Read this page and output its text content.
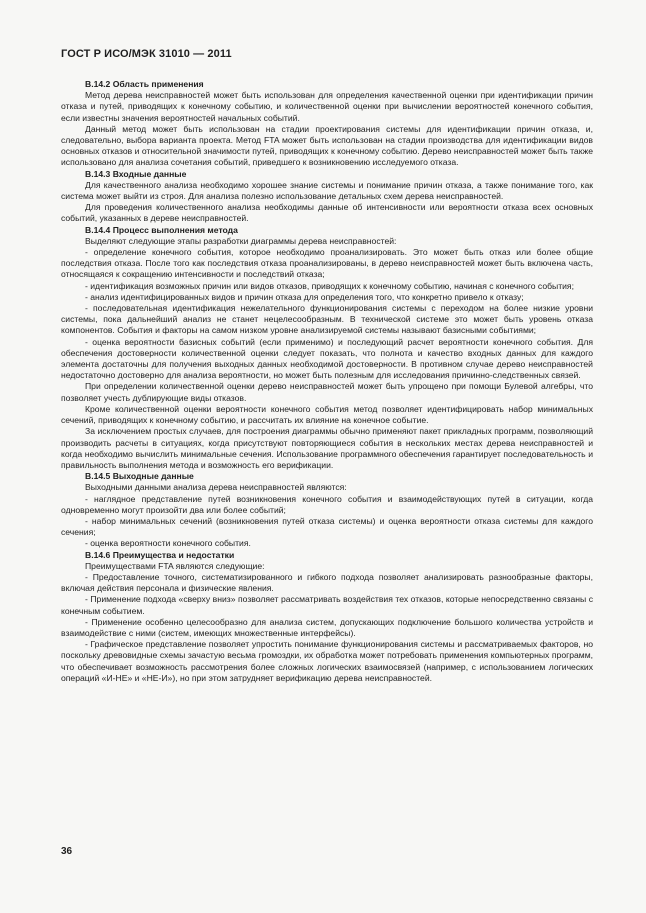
ГОСТ Р ИСО/МЭК 31010 — 2011

В.14.2 Область применения

Метод дерева неисправностей может быть использован для определения качественной оценки при идентификации причин отказа и путей, приводящих к конечному событию, и количественной оценки при вычислении вероятностей конечного события, если известны значения вероятностей начальных событий.

Данный метод может быть использован на стадии проектирования системы для идентификации причин отказа, и, следовательно, выбора варианта проекта. Метод FTA может быть использован на стадии производства для идентификации видов основных отказов и относительной значимости путей, приводящих к конечному событию. Дерево неисправностей может быть также использовано для анализа сочетания событий, приведшего к возникновению исследуемого отказа.

В.14.3 Входные данные

Для качественного анализа необходимо хорошее знание системы и понимание причин отказа, а также понимание того, как система может выйти из строя. Для анализа полезно использование детальных схем дерева неисправностей.

Для проведения количественного анализа необходимы данные об интенсивности или вероятности отказа всех основных событий, указанных в дереве неисправностей.

В.14.4 Процесс выполнения метода

Выделяют следующие этапы разработки диаграммы дерева неисправностей:

- определение конечного события, которое необходимо проанализировать. Это может быть отказ или более общие последствия отказа. После того как последствия отказа проанализированы, в дерево неисправностей может быть включена часть, относящаяся к сокращению интенсивности и последствий отказа;

- идентификация возможных причин или видов отказов, приводящих к конечному событию, начиная с конечного события;

- анализ идентифицированных видов и причин отказа для определения того, что конкретно привело к отказу;

- последовательная идентификация нежелательного функционирования системы с переходом на более низкие уровни системы, пока дальнейший анализ не станет нецелесообразным. В технической системе это может быть уровень отказа компонентов. События и факторы на самом низком уровне анализируемой системы называют базисными событиями;

- оценка вероятности базисных событий (если применимо) и последующий расчет вероятности конечного события. Для обеспечения достоверности количественной оценки следует показать, что полнота и качество входных данных для каждого элемента достаточны для получения выходных данных необходимой достоверности. В противном случае дерево неисправностей недостаточно достоверно для анализа вероятности, но может быть полезным для исследования причинно-следственных связей.

При определении количественной оценки дерево неисправностей может быть упрощено при помощи Булевой алгебры, что позволяет учесть дублирующие виды отказов.

Кроме количественной оценки вероятности конечного события метод позволяет идентифицировать набор минимальных сечений, приводящих к конечному событию, и рассчитать их влияние на конечное событие.

За исключением простых случаев, для построения диаграммы обычно применяют пакет прикладных программ, позволяющий производить расчеты в ситуациях, когда присутствуют повторяющиеся события в нескольких местах дерева неисправностей и когда необходимо вычислить минимальные сечения. Использование программного обеспечения гарантирует последовательность и правильность выполнения метода и возможность его верификации.

В.14.5 Выходные данные

Выходными данными анализа дерева неисправностей являются:

- наглядное представление путей возникновения конечного события и взаимодействующих путей в ситуации, когда одновременно могут произойти два или более событий;

- набор минимальных сечений (возникновения путей отказа системы) и оценка вероятности отказа системы для каждого сечения;

- оценка вероятности конечного события.

В.14.6 Преимущества и недостатки

Преимуществами FTA являются следующие:

- Предоставление точного, систематизированного и гибкого подхода позволяет анализировать разнообразные факторы, включая действия персонала и физические явления.

- Применение подхода «сверху вниз» позволяет рассматривать воздействия тех отказов, которые непосредственно связаны с конечным событием.

- Применение особенно целесообразно для анализа систем, допускающих подключение большого количества устройств и взаимодействие с ними (систем, имеющих множественные интерфейсы).

- Графическое представление позволяет упростить понимание функционирования системы и рассматриваемых факторов, но поскольку древовидные схемы зачастую весьма громоздки, их обработка может потребовать применения компьютерных программ, что обеспечивает возможность рассмотрения более сложных логических взаимосвязей (например, с использованием логических операций «И-НЕ» и «НЕ-И»), но при этом затрудняет верификацию дерева неисправностей.

36
